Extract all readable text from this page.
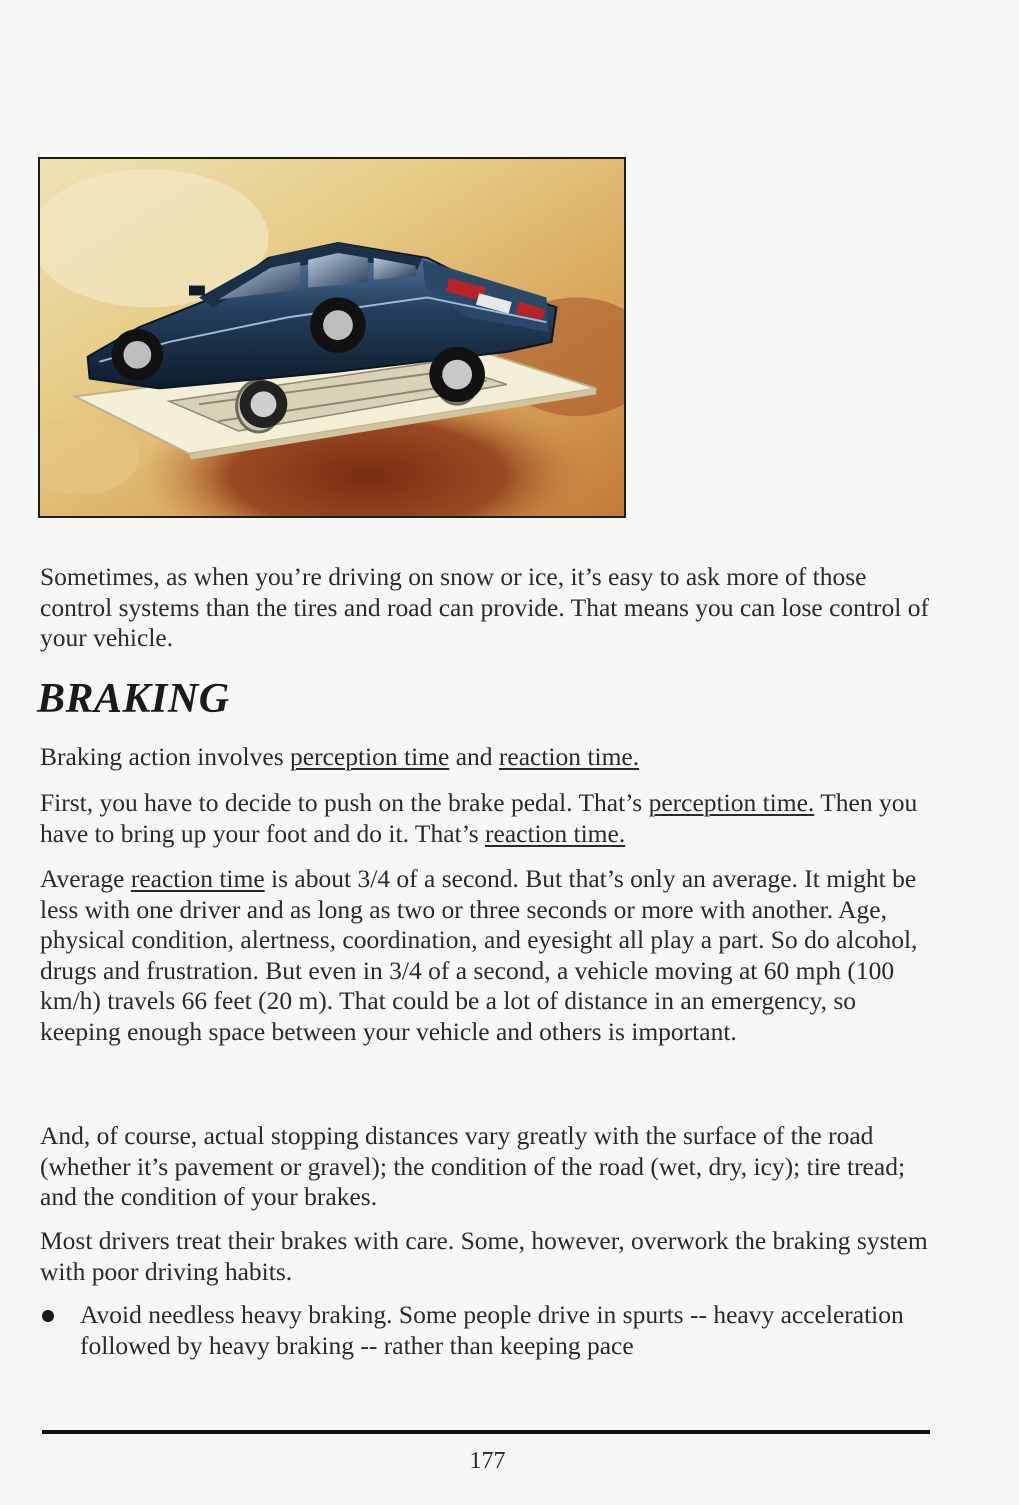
Sometimes, as when you’re driving on snow or ice, it’s easy to ask more of those control systems than the tires and road can provide. That means you can lose control of your vehicle.

BRAKING

Braking action involves perception time and reaction time.

First, you have to decide to push on the brake pedal. That’s perception time. Then you have to bring up your foot and do it. That’s reaction time.

Average reaction time is about 3/4 of a second. But that’s only an average. It might be less with one driver and as long as two or three seconds or more with another. Age, physical condition, alertness, coordination, and eyesight all play a part. So do alcohol, drugs and frustration. But even in 3/4 of a second, a vehicle moving at 60 mph (100 km/h) travels 66 feet (20 m). That could be a lot of distance in an emergency, so keeping enough space between your vehicle and others is important.

And, of course, actual stopping distances vary greatly with the surface of the road (whether it’s pavement or gravel); the condition of the road (wet, dry, icy); tire tread; and the condition of your brakes.

Most drivers treat their brakes with care. Some, however, overwork the braking system with poor driving habits.

Avoid needless heavy braking. Some people drive in spurts -- heavy acceleration followed by heavy braking -- rather than keeping pace

177
